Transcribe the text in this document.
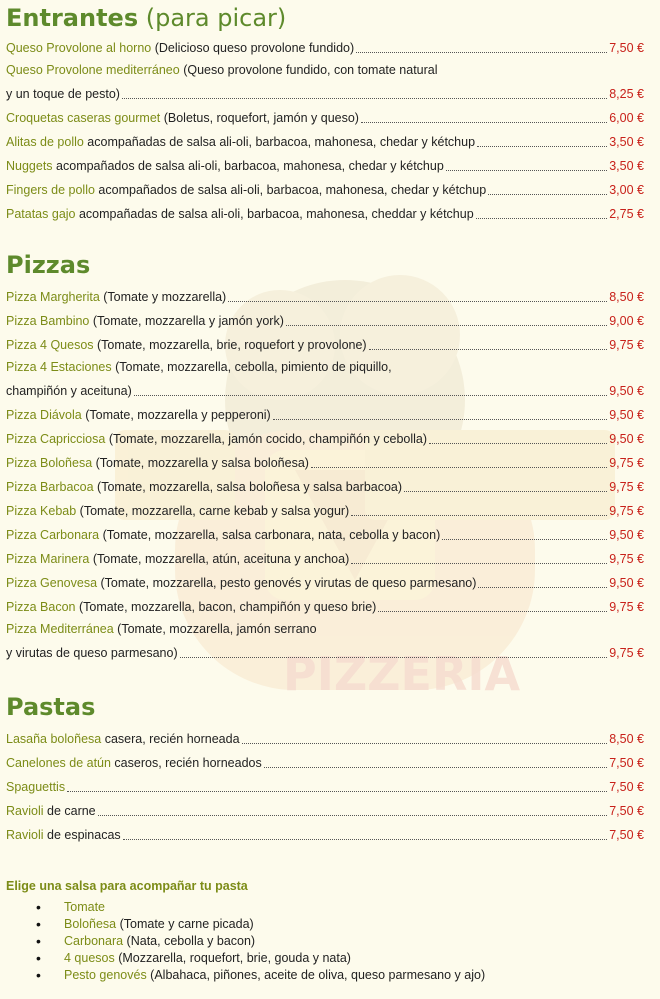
PIZZERIA
Entrantes (para picar)
Queso Provolone al horno (Delicioso queso provolone fundido)	7,50 €
Queso Provolone mediterráneo (Queso provolone fundido, con tomate natural
y un toque de pesto)	8,25 €
Croquetas caseras gourmet (Boletus, roquefort, jamón y queso)	6,00 €
Alitas de pollo acompañadas de salsa ali-oli, barbacoa, mahonesa, chedar y kétchup	3,50 €
Nuggets acompañados de salsa ali-oli, barbacoa, mahonesa, chedar y kétchup	3,50 €
Fingers de pollo acompañados de salsa ali-oli, barbacoa, mahonesa, chedar y kétchup	3,00 €
Patatas gajo acompañadas de salsa ali-oli, barbacoa, mahonesa, cheddar y kétchup	2,75 €
Pizzas
Pizza Margherita (Tomate y mozzarella)	8,50 €
Pizza Bambino (Tomate, mozzarella y jamón york)	9,00 €
Pizza 4 Quesos (Tomate, mozzarella, brie, roquefort y provolone)	9,75 €
Pizza 4 Estaciones (Tomate, mozzarella, cebolla, pimiento de piquillo,
champiñón y aceituna)	9,50 €
Pizza Diávola (Tomate, mozzarella y pepperoni)	9,50 €
Pizza Capricciosa (Tomate, mozzarella, jamón cocido, champiñón y cebolla)	9,50 €
Pizza Boloñesa (Tomate, mozzarella y salsa boloñesa)	9,75 €
Pizza Barbacoa (Tomate, mozzarella, salsa boloñesa y salsa barbacoa)	9,75 €
Pizza Kebab (Tomate, mozzarella, carne kebab y salsa yogur)	9,75 €
Pizza Carbonara (Tomate, mozzarella, salsa carbonara, nata, cebolla y bacon)	9,50 €
Pizza Marinera (Tomate, mozzarella, atún, aceituna y anchoa)	9,75 €
Pizza Genovesa (Tomate, mozzarella, pesto genovés y virutas de queso parmesano)	9,50 €
Pizza Bacon (Tomate, mozzarella, bacon, champiñón y queso brie)	9,75 €
Pizza Mediterránea (Tomate, mozzarella, jamón serrano
y virutas de queso parmesano)	9,75 €
Pastas
Lasaña boloñesa casera, recién horneada	8,50 €
Canelones de atún caseros, recién horneados	7,50 €
Spaguettis	7,50 €
Ravioli de carne	7,50 €
Ravioli de espinacas	7,50 €
Elige una salsa para acompañar tu pasta
• Tomate
• Boloñesa (Tomate y carne picada)
• Carbonara (Nata, cebolla y bacon)
• 4 quesos (Mozzarella, roquefort, brie, gouda y nata)
• Pesto genovés (Albahaca, piñones, aceite de oliva, queso parmesano y ajo)
